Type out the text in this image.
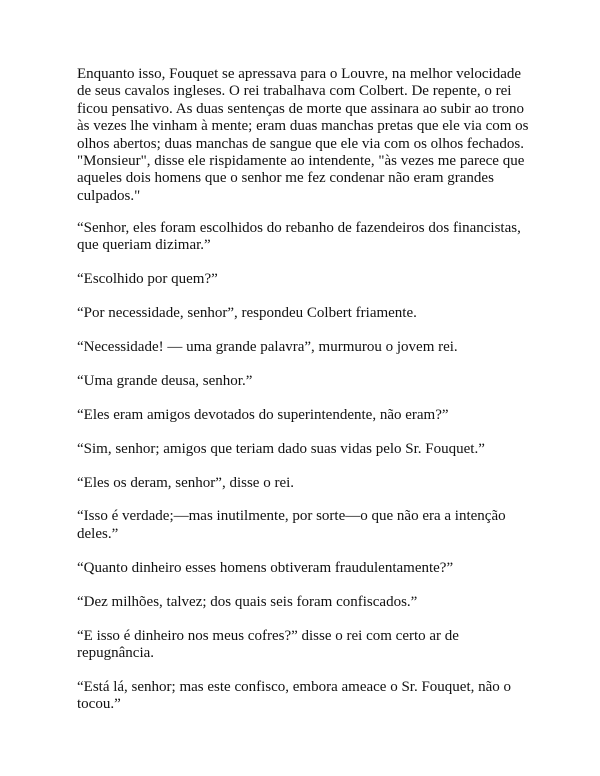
Enquanto isso, Fouquet se apressava para o Louvre, na melhor velocidade de seus cavalos ingleses. O rei trabalhava com Colbert. De repente, o rei ficou pensativo. As duas sentenças de morte que assinara ao subir ao trono às vezes lhe vinham à mente; eram duas manchas pretas que ele via com os olhos abertos; duas manchas de sangue que ele via com os olhos fechados. "Monsieur", disse ele rispidamente ao intendente, "às vezes me parece que aqueles dois homens que o senhor me fez condenar não eram grandes culpados."

“Senhor, eles foram escolhidos do rebanho de fazendeiros dos financistas, que queriam dizimar.”

“Escolhido por quem?”

“Por necessidade, senhor”, respondeu Colbert friamente.

“Necessidade! — uma grande palavra”, murmurou o jovem rei.

“Uma grande deusa, senhor.”

“Eles eram amigos devotados do superintendente, não eram?”

“Sim, senhor; amigos que teriam dado suas vidas pelo Sr. Fouquet.”

“Eles os deram, senhor”, disse o rei.

“Isso é verdade;—mas inutilmente, por sorte—o que não era a intenção deles.”

“Quanto dinheiro esses homens obtiveram fraudulentamente?”

“Dez milhões, talvez; dos quais seis foram confiscados.”

“E isso é dinheiro nos meus cofres?” disse o rei com certo ar de repugnância.

“Está lá, senhor; mas este confisco, embora ameace o Sr. Fouquet, não o tocou.”
